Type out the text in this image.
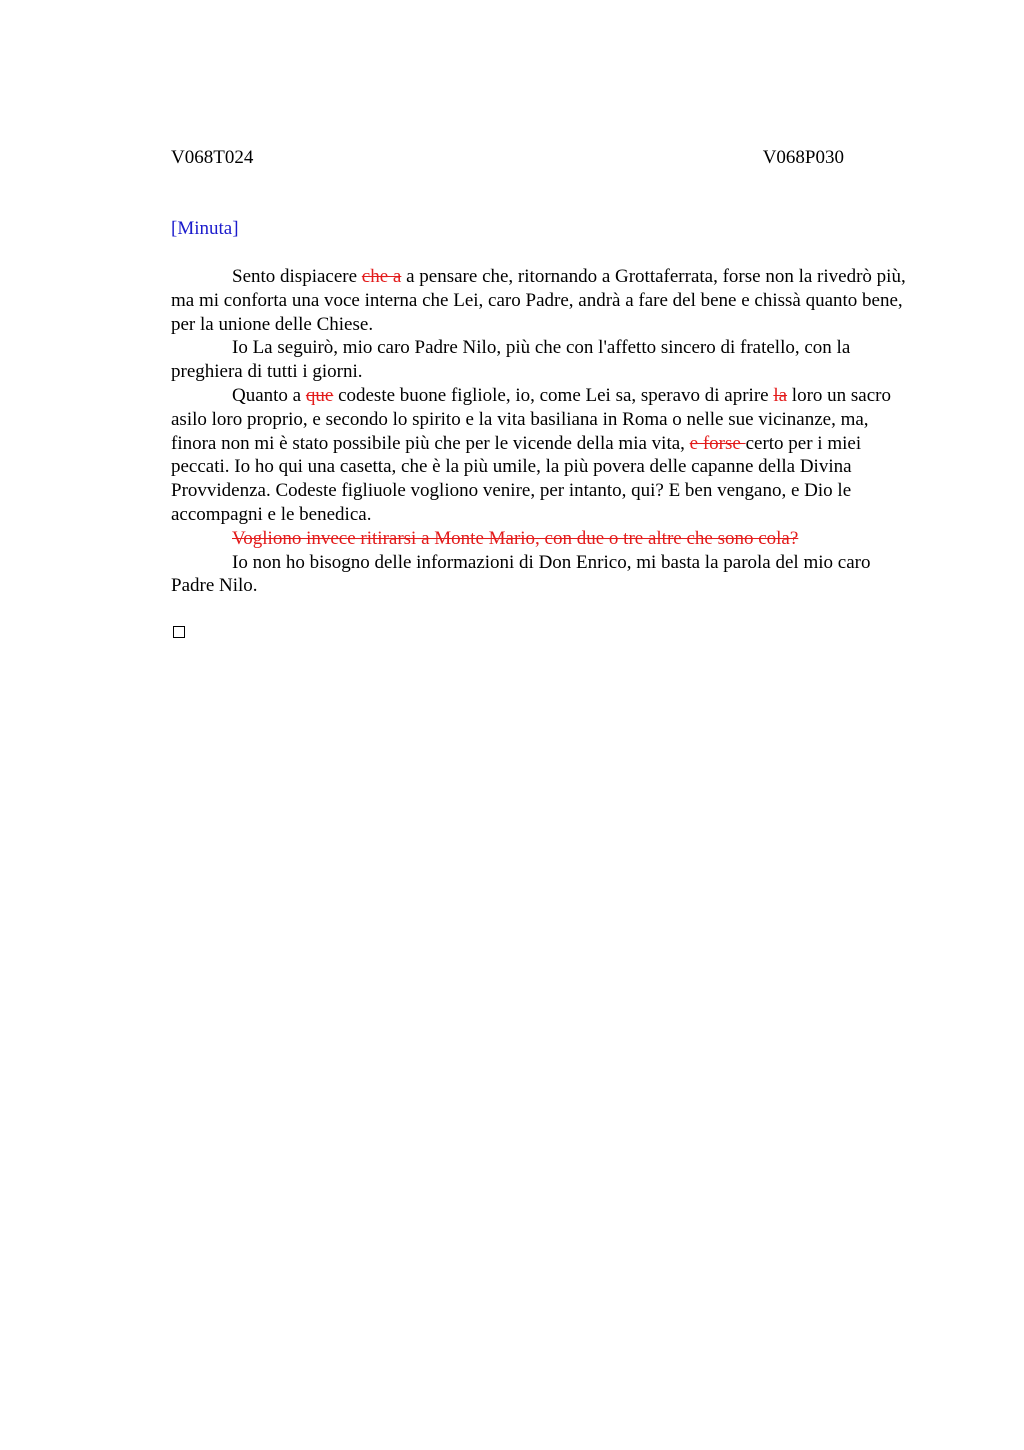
V068T024	V068P030
[Minuta]

Sento dispiacere che a a pensare che, ritornando a Grottaferrata, forse non la rivedrò più, ma mi conforta una voce interna che Lei, caro Padre, andrà a fare del bene e chissà quanto bene, per la unione delle Chiese.

Io La seguirò, mio caro Padre Nilo, più che con l'affetto sincero di fratello, con la preghiera di tutti i giorni.

Quanto a que codeste buone figliole, io, come Lei sa, speravo di aprire la loro un sacro asilo loro proprio, e secondo lo spirito e la vita basiliana in Roma o nelle sue vicinanze, ma, finora non mi è stato possibile più che per le vicende della mia vita, e forse certo per i miei peccati. Io ho qui una casetta, che è la più umile, la più povera delle capanne della Divina Provvidenza. Codeste figliuole vogliono venire, per intanto, qui? E ben vengano, e Dio le accompagni e le benedica.

Vogliono invece ritirarsi a Monte Mario, con due o tre altre che sono cola?

Io non ho bisogno delle informazioni di Don Enrico, mi basta la parola del mio caro Padre Nilo.
